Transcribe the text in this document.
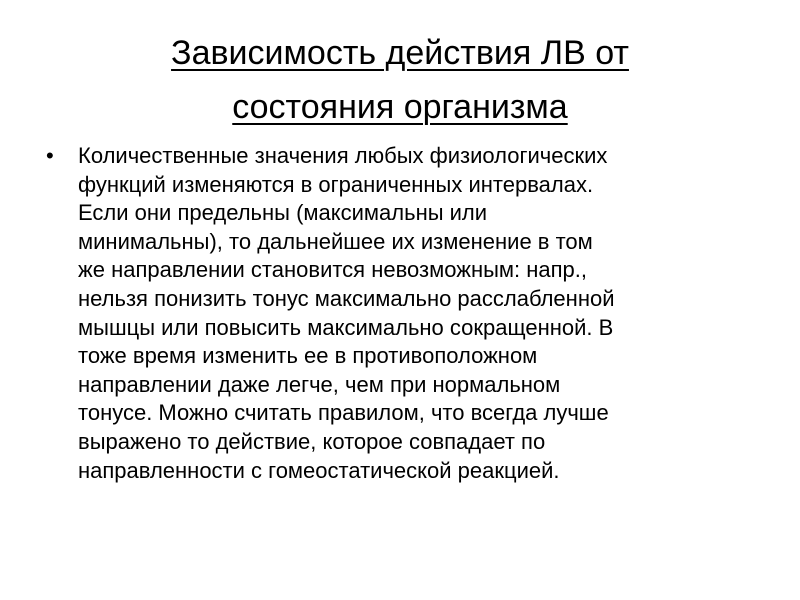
Зависимость действия ЛВ от
состояния организма
•	Количественные значения любых физиологических
функций изменяются в ограниченных интервалах.
Если они предельны (максимальны или
минимальны), то дальнейшее их изменение в том
же направлении становится невозможным: напр.,
нельзя понизить тонус максимально расслабленной
мышцы или повысить максимально сокращенной. В
тоже время изменить ее в противоположном
направлении даже легче, чем при нормальном
тонусе. Можно считать правилом, что всегда лучше
выражено то действие, которое совпадает по
направленности с гомеостатической реакцией.
